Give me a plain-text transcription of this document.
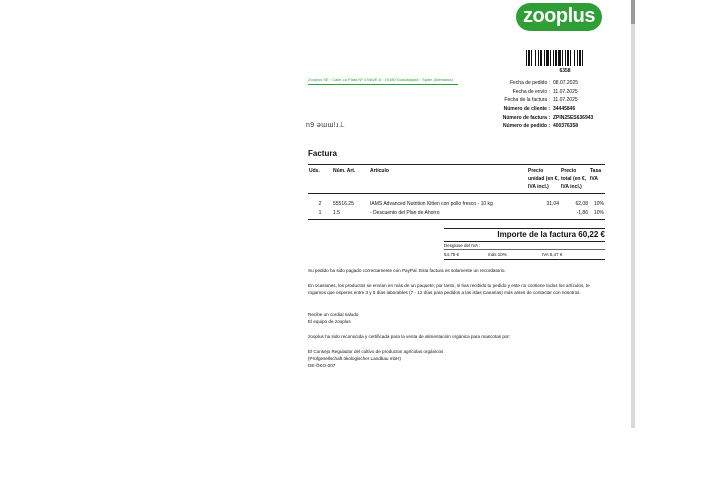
zooplus
6358
Zooplus SE · Calle La Plata Nº 4 NAVE A · 19180 Guadalajara · Spain (Alemania)
Fecha de pedido : 08.07.2025
Fecha de envío : 11.07.2025
Fecha de la factura : 11.07.2025
Número de cliente : 34445846
Número de factura : ZPIN25ES636943
Número de pedido : 400376358
n9 ǝɯɯ!ɹ⊥
Factura
Uds.	Núm. Art.	Artículo	Precio unidad (en €, IVA incl.)	Precio total (en €, IVA incl.)	Tasa IVA

2	55516.25	IAMS Advanced Nutrition Kitten con pollo fresco - 10 kg	31,04	62,08	10%
1	1.5	- Descuento del Plan de Ahorro		-1,86	10%
Importe de la factura 60,22 €
Desglose del IVA :
54,75 €	más 10%	IVA 5,47 €
Su pedido ha sido pagado correctamente con PayPal. Esta factura es solamente un recordatorio.
En ocasiones, los productos se envían en más de un paquete; por tanto, si has recibido tu pedido y este no contiene todos los artículos, te rogamos que esperes entre 3 y 5 días laborables (7 - 12 días para pedidos a las islas Canarias) más antes de contactar con nosotros.
Recibe un cordial saludo
El equipo de zooplus
zooplus ha sido reconocida y certificada para la venta de alimentación orgánica para mascotas por:
El Consejo Regulador del cultivo de productos agrícolas orgánicos
(Prüfgesellschaft ökologischer Landbau mbH)
DE-ÖKO-007
